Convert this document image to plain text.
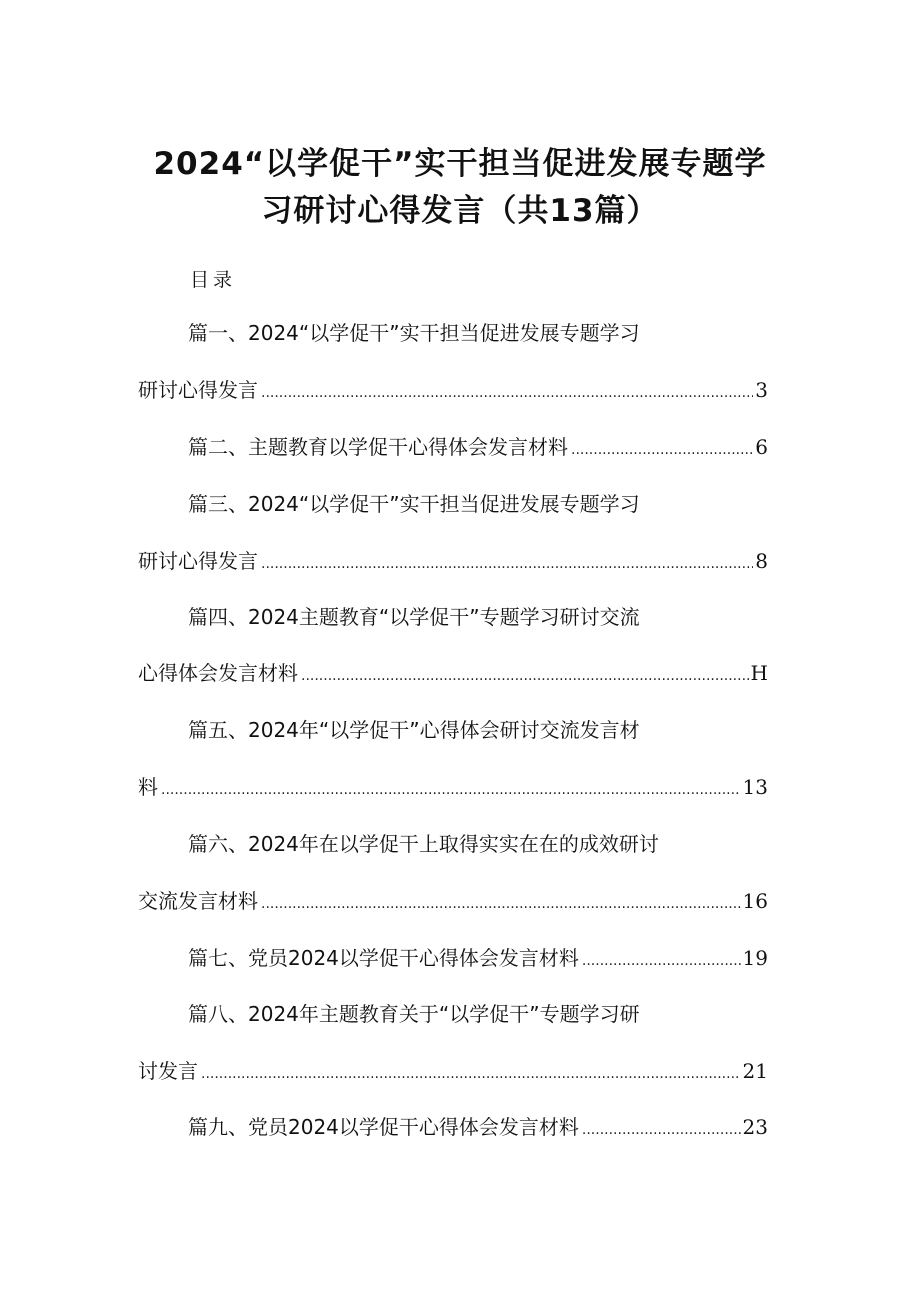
2024“以学促干”实干担当促进发展专题学
习研讨心得发言（共13篇）
目录
篇一、2024“以学促干”实干担当促进发展专题学习
研讨心得发言 .....	3
篇二、主题教育以学促干心得体会发言材料 .....	6
篇三、2024“以学促干”实干担当促进发展专题学习
研讨心得发言 .....	8
篇四、2024主题教育“以学促干”专题学习研讨交流
心得体会发言材料 .....	H
篇五、2024年“以学促干”心得体会研讨交流发言材
料 .....	13
篇六、2024年在以学促干上取得实实在在的成效研讨
交流发言材料 .....	16
篇七、党员2024以学促干心得体会发言材料 .....	19
篇八、2024年主题教育关于“以学促干”专题学习研
讨发言 .....	21
篇九、党员2024以学促干心得体会发言材料 .....	23
